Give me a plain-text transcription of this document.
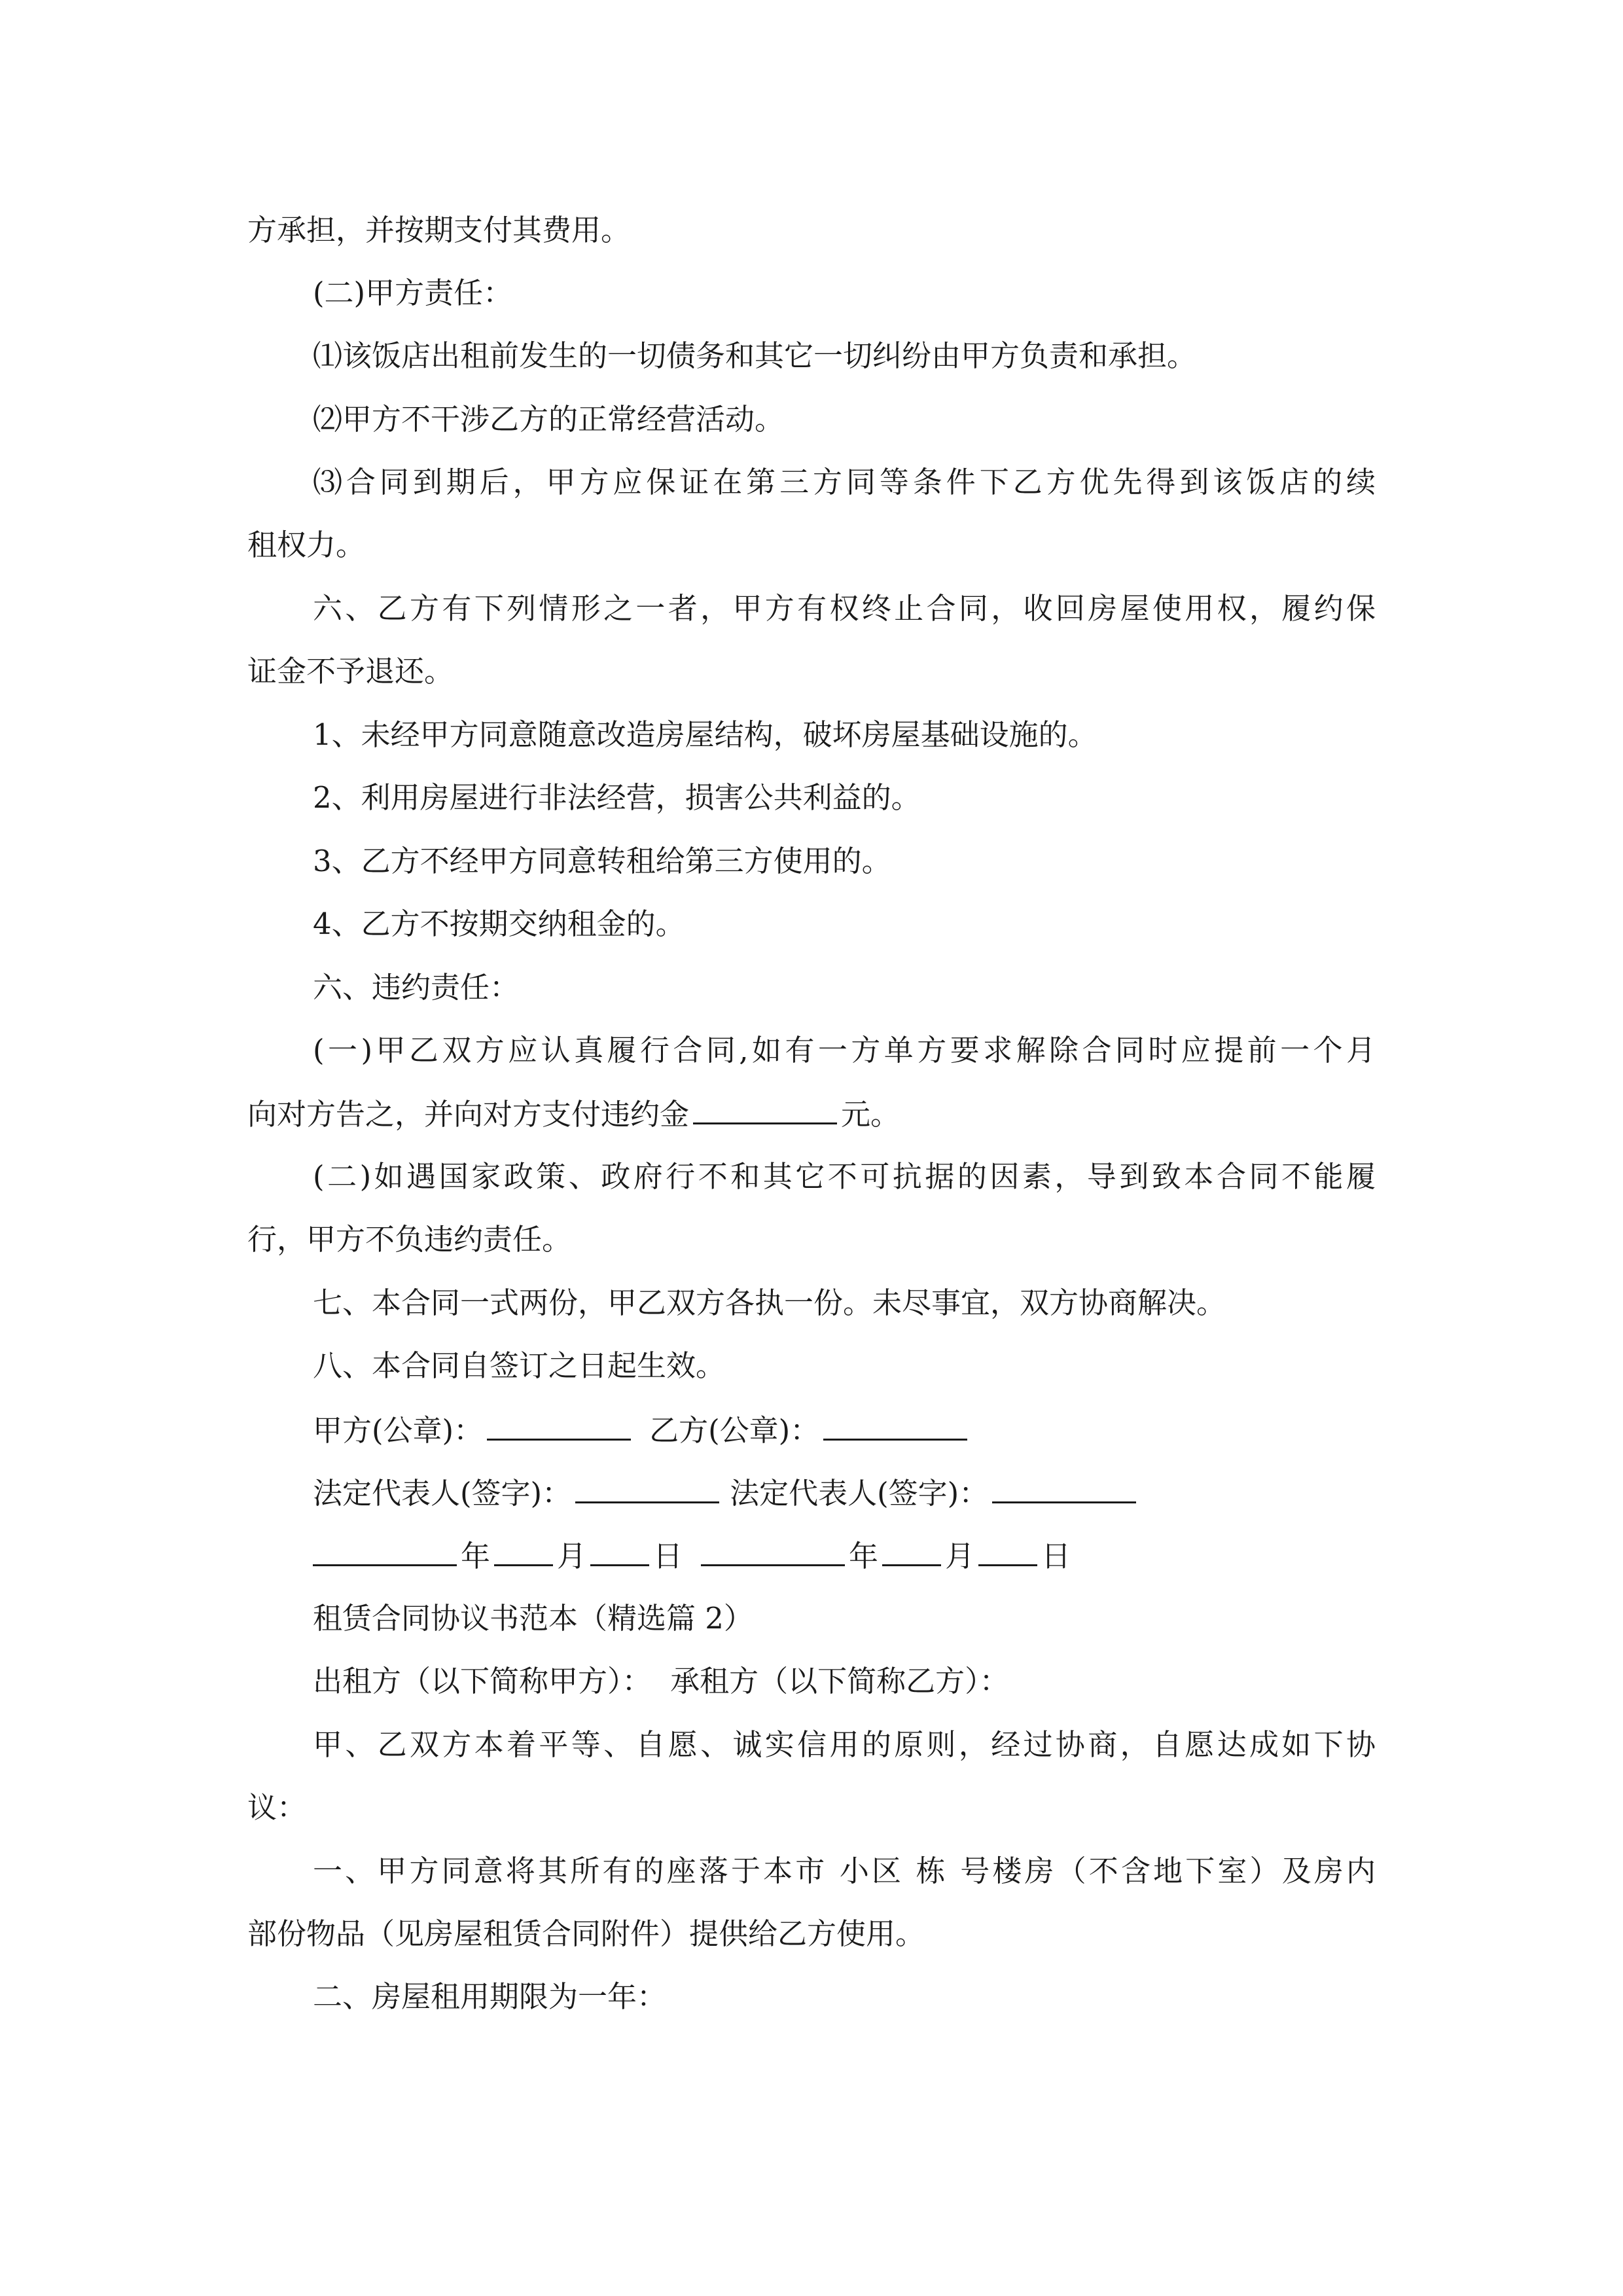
方承担，并按期支付其费用。
(二)甲方责任：
⑴该饭店出租前发生的一切债务和其它一切纠纷由甲方负责和承担。
⑵甲方不干涉乙方的正常经营活动。
⑶合同到期后，甲方应保证在第三方同等条件下乙方优先得到该饭店的续
租权力。
六、乙方有下列情形之一者，甲方有权终止合同，收回房屋使用权，履约保
证金不予退还。
1、未经甲方同意随意改造房屋结构，破坏房屋基础设施的。
2、利用房屋进行非法经营，损害公共利益的。
3、乙方不经甲方同意转租给第三方使用的。
4、乙方不按期交纳租金的。
六、违约责任：
(一)甲乙双方应认真履行合同,如有一方单方要求解除合同时应提前一个月
向对方告之，并向对方支付违约金	元。
(二)如遇国家政策、政府行不和其它不可抗据的因素，导到致本合同不能履
行，甲方不负违约责任。
七、本合同一式两份，甲乙双方各执一份。未尽事宜，双方协商解决。
八、本合同自签订之日起生效。
甲方(公章)：	乙方(公章)：
法定代表人(签字)：	法定代表人(签字)：
年 月 日	年 月 日
租赁合同协议书范本（精选篇 2）
出租方（以下简称甲方）：  承租方（以下简称乙方）：
甲、乙双方本着平等、自愿、诚实信用的原则，经过协商，自愿达成如下协
议：
一、甲方同意将其所有的座落于本市 小区 栋 号楼房（不含地下室）及房内
部份物品（见房屋租赁合同附件）提供给乙方使用。
二、房屋租用期限为一年：
